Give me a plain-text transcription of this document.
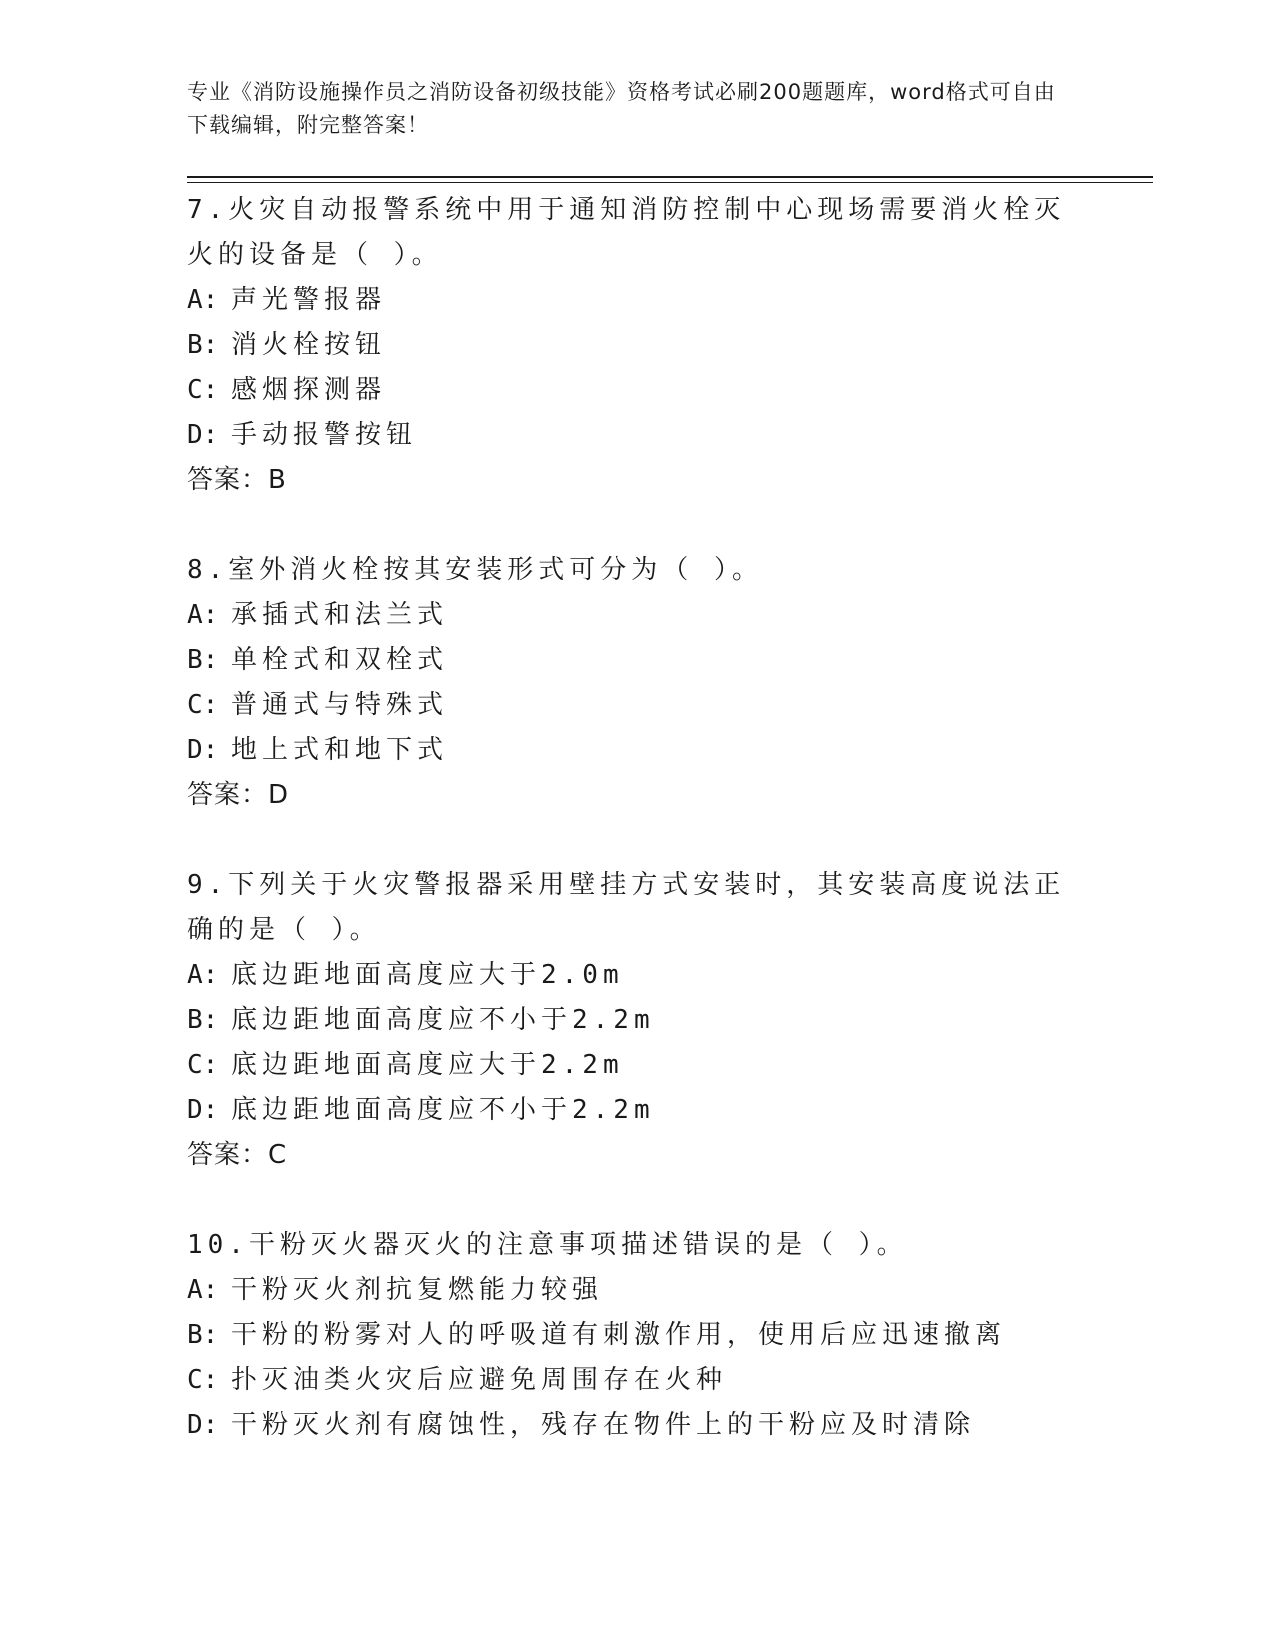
专业《消防设施操作员之消防设备初级技能》资格考试必刷200题题库，word格式可自由下载编辑，附完整答案！

7.火灾自动报警系统中用于通知消防控制中心现场需要消火栓灭火的设备是（ ）。

A: 声光警报器

B: 消火栓按钮

C: 感烟探测器

D: 手动报警按钮

答案：B

8.室外消火栓按其安装形式可分为（ ）。

A: 承插式和法兰式

B: 单栓式和双栓式

C: 普通式与特殊式

D: 地上式和地下式

答案：D

9.下列关于火灾警报器采用壁挂方式安装时，其安装高度说法正确的是（ ）。

A: 底边距地面高度应大于2.0m

B: 底边距地面高度应不小于2.2m

C: 底边距地面高度应大于2.2m

D: 底边距地面高度应不小于2.2m

答案：C

10.干粉灭火器灭火的注意事项描述错误的是（ ）。

A: 干粉灭火剂抗复燃能力较强

B: 干粉的粉雾对人的呼吸道有刺激作用，使用后应迅速撤离

C: 扑灭油类火灾后应避免周围存在火种

D: 干粉灭火剂有腐蚀性，残存在物件上的干粉应及时清除
